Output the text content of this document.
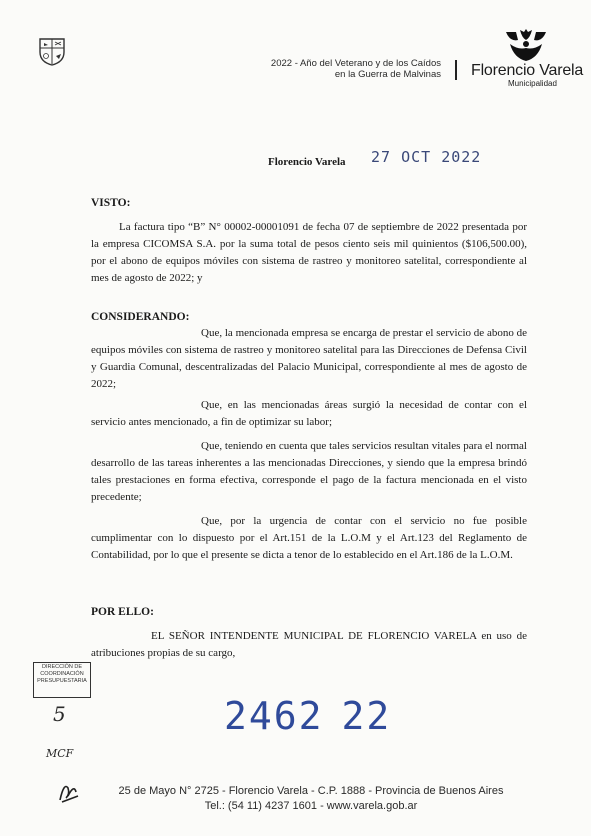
2022 - Año del Veterano y de los Caídos
en la Guerra de Malvinas Florencio Varela
Municipalidad
Florencio Varela 27 OCT 2022
VISTO:

La factura tipo “B” N° 00002-00001091 de fecha 07 de septiembre de 2022 presentada por la empresa CICOMSA S.A. por la suma total de pesos ciento seis mil quinientos ($106,500.00), por el abono de equipos móviles con sistema de rastreo y monitoreo satelital, correspondiente al mes de agosto de 2022; y

CONSIDERANDO:

Que, la mencionada empresa se encarga de prestar el servicio de abono de equipos móviles con sistema de rastreo y monitoreo satelital para las Direcciones de Defensa Civil y Guardia Comunal, descentralizadas del Palacio Municipal, correspondiente al mes de agosto de 2022;

Que, en las mencionadas áreas surgió la necesidad de contar con el servicio antes mencionado, a fin de optimizar su labor;

Que, teniendo en cuenta que tales servicios resultan vitales para el normal desarrollo de las tareas inherentes a las mencionadas Direcciones, y siendo que la empresa brindó tales prestaciones en forma efectiva, corresponde el pago de la factura mencionada en el visto precedente;

Que, por la urgencia de contar con el servicio no fue posible cumplimentar con lo dispuesto por el Art.151 de la L.O.M y el Art.123 del Reglamento de Contabilidad, por lo que el presente se dicta a tenor de lo establecido en el Art.186 de la L.O.M.

POR ELLO:

EL SEÑOR INTENDENTE MUNICIPAL DE FLORENCIO VARELA en uso de atribuciones propias de su cargo,

DIRECCIÓN DE
COORDINACIÓN
PRESUPUESTARIA
5
MCF
2462 22
25 de Mayo N° 2725 - Florencio Varela - C.P. 1888 - Provincia de Buenos Aires
Tel.: (54 11) 4237 1601 - www.varela.gob.ar
